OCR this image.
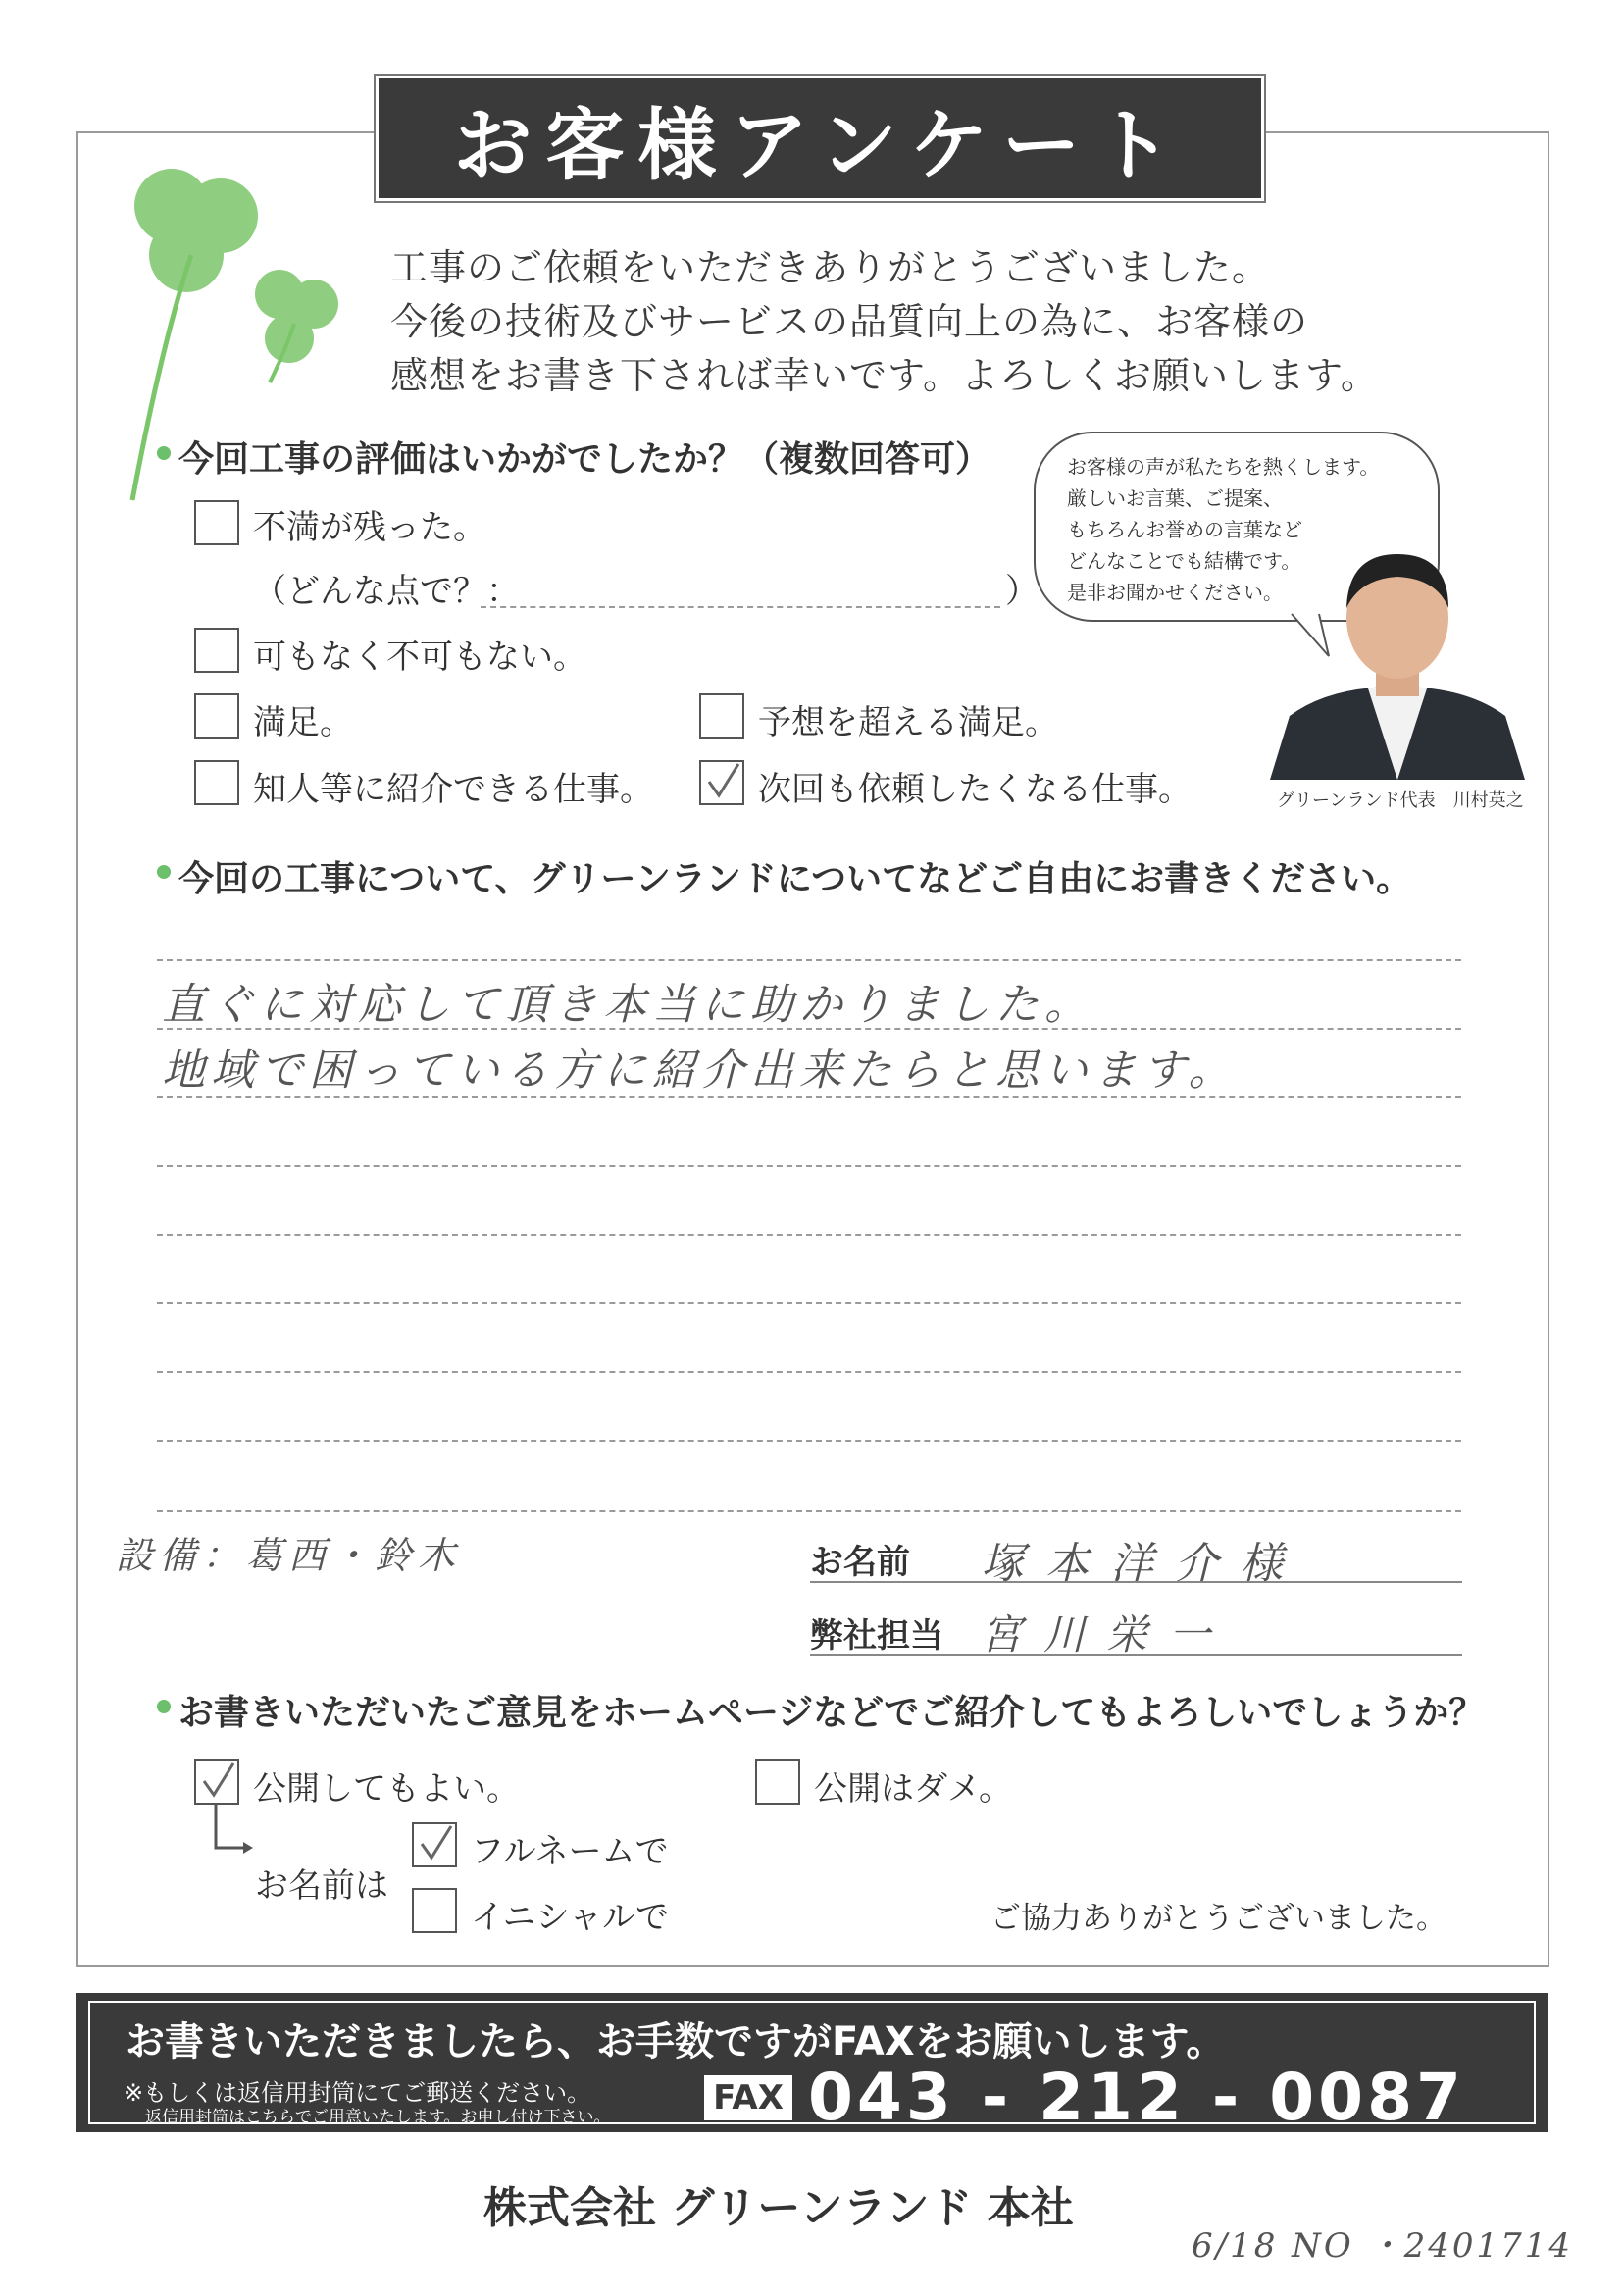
お客様アンケート
工事のご依頼をいただきありがとうございました。
今後の技術及びサービスの品質向上の為に、お客様の
感想をお書き下されば幸いです。よろしくお願いします。
お客様の声が私たちを熱くします。
厳しいお言葉、ご提案、
もちろんお誉めの言葉など
どんなことでも結構です。
是非お聞かせください。
グリーンランド代表　川村英之
今回工事の評価はいかがでしたか？（複数回答可）
不満が残った。
（どんな点で？：	）
可もなく不可もない。
満足。	予想を超える満足。
知人等に紹介できる仕事。	次回も依頼したくなる仕事。
今回の工事について、グリーンランドについてなどご自由にお書きください。
直ぐに対応して頂き本当に助かりました。
地域で困っている方に紹介出来たらと思います。
設備：葛西・鈴木	お名前 塚本洋介様
弊社担当 宮川栄一
お書きいただいたご意見をホームページなどでご紹介してもよろしいでしょうか？
公開してもよい。	公開はダメ。
お名前は
フルネームで
イニシャルで	ご協力ありがとうございました。
お書きいただきましたら、お手数ですがFAXをお願いします。
※もしくは返信用封筒にてご郵送ください。
返信用封筒はこちらでご用意いたします。お申し付け下さい。	FAX 043 - 212 - 0087
株式会社 グリーンランド 本社
6/18 NO ・2401714
